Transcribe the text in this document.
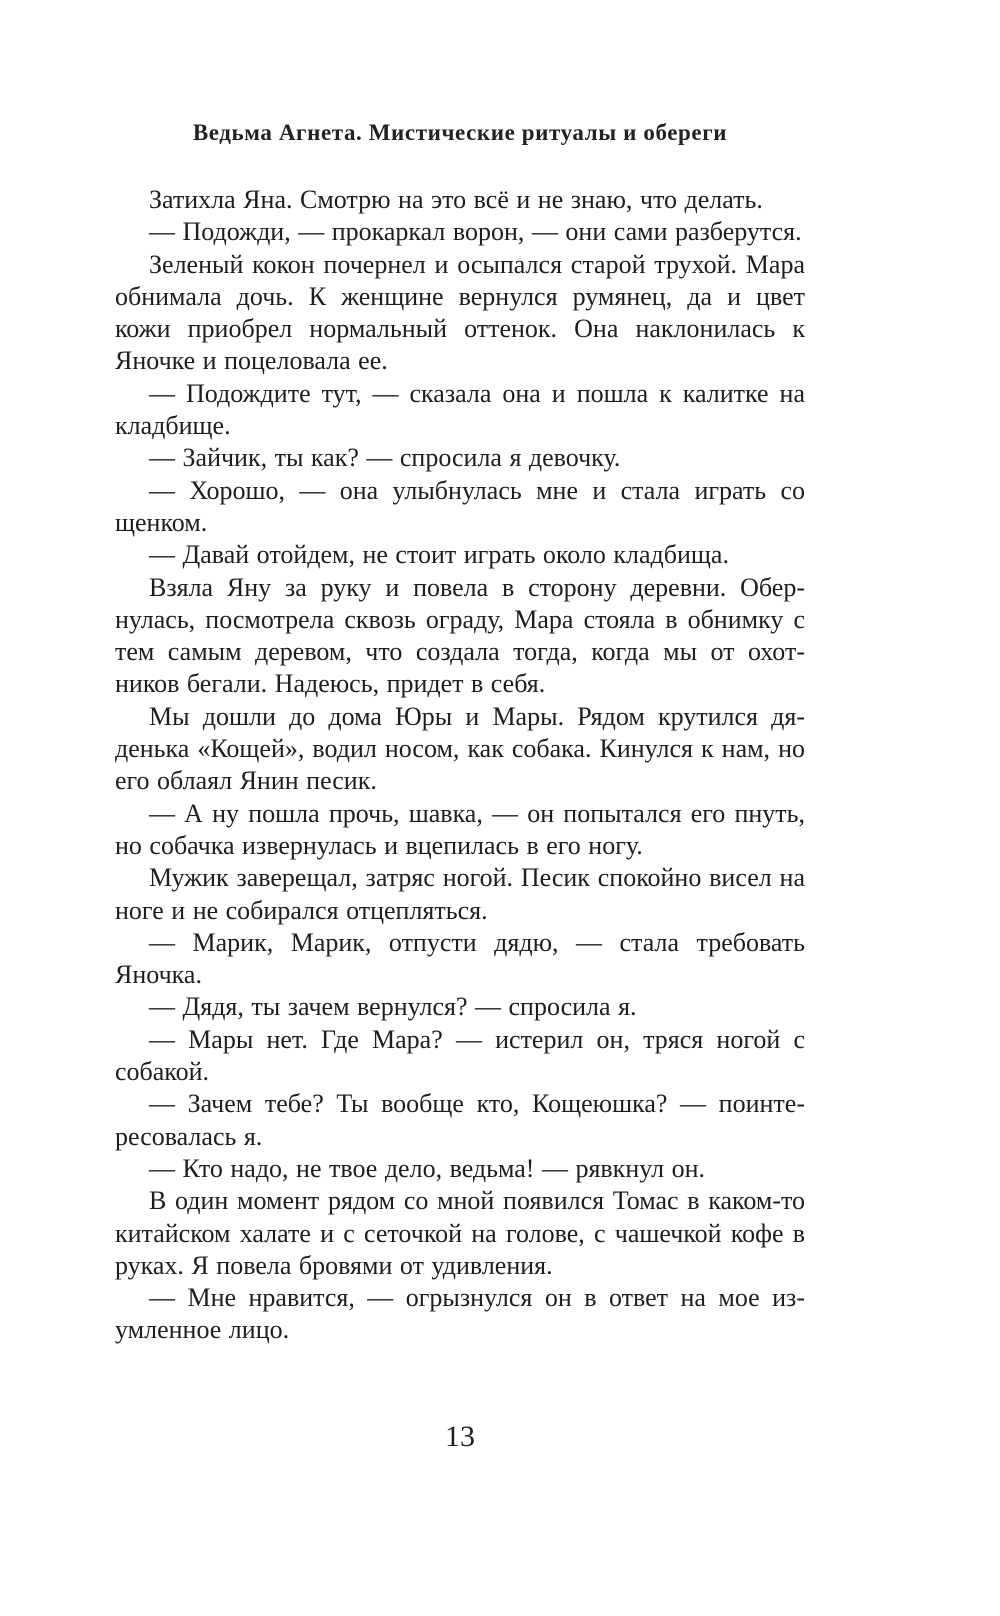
Ведьма Агнета. Мистические ритуалы и обереги

Затихла Яна. Смотрю на это всё и не знаю, что делать.

— Подожди, — прокаркал ворон, — они сами разберутся.

Зеленый кокон почернел и осыпался старой трухой. Мара обнимала дочь. К женщине вернулся румянец, да и цвет кожи приобрел нормальный оттенок. Она наклонилась к Яночке и поцеловала ее.

— Подождите тут, — сказала она и пошла к калитке на кладбище.

— Зайчик, ты как? — спросила я девочку.

— Хорошо, — она улыбнулась мне и стала играть со щенком.

— Давай отойдем, не стоит играть около кладбища.

Взяла Яну за руку и повела в сторону деревни. Обернулась, посмотрела сквозь ограду, Мара стояла в обнимку с тем самым деревом, что создала тогда, когда мы от охотников бегали. Надеюсь, придет в себя.

Мы дошли до дома Юры и Мары. Рядом крутился дяденька «Кощей», водил носом, как собака. Кинулся к нам, но его облаял Янин песик.

— А ну пошла прочь, шавка, — он попытался его пнуть, но собачка извернулась и вцепилась в его ногу.

Мужик заверещал, затряс ногой. Песик спокойно висел на ноге и не собирался отцепляться.

— Марик, Марик, отпусти дядю, — стала требовать Яночка.

— Дядя, ты зачем вернулся? — спросила я.

— Мары нет. Где Мара? — истерил он, тряся ногой с собакой.

— Зачем тебе? Ты вообще кто, Кощеюшка? — поинтересовалась я.

— Кто надо, не твое дело, ведьма! — рявкнул он.

В один момент рядом со мной появился Томас в каком-то китайском халате и с сеточкой на голове, с чашечкой кофе в руках. Я повела бровями от удивления.

— Мне нравится, — огрызнулся он в ответ на мое изумленное лицо.

13
